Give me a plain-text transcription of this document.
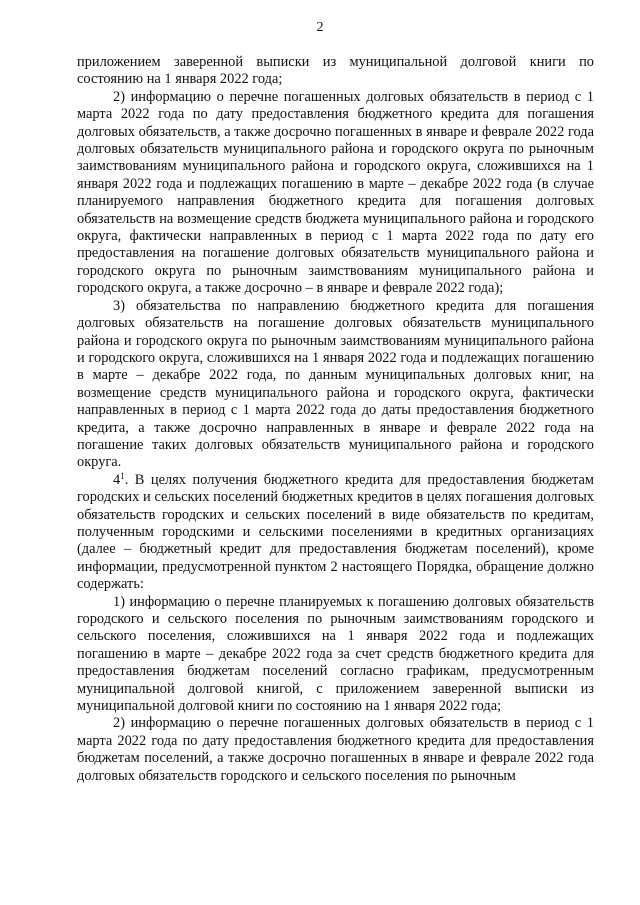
2

приложением заверенной выписки из муниципальной долговой книги по состоянию на 1 января 2022 года;

2) информацию о перечне погашенных долговых обязательств в период с 1 марта 2022 года по дату предоставления бюджетного кредита для погашения долговых обязательств, а также досрочно погашенных в январе и феврале 2022 года долговых обязательств муниципального района и городского округа по рыночным заимствованиям муниципального района и городского округа, сложившихся на 1 января 2022 года и подлежащих погашению в марте – декабре 2022 года (в случае планируемого направления бюджетного кредита для погашения долговых обязательств на возмещение средств бюджета муниципального района и городского округа, фактически направленных в период с 1 марта 2022 года по дату его предоставления на погашение долговых обязательств муниципального района и городского округа по рыночным заимствованиям муниципального района и городского округа, а также досрочно – в январе и феврале 2022 года);

3) обязательства по направлению бюджетного кредита для погашения долговых обязательств на погашение долговых обязательств муниципального района и городского округа по рыночным заимствованиям муниципального района и городского округа, сложившихся на 1 января 2022 года и подлежащих погашению в марте – декабре 2022 года, по данным муниципальных долговых книг, на возмещение средств муниципального района и городского округа, фактически направленных в период с 1 марта 2022 года до даты предоставления бюджетного кредита, а также досрочно направленных в январе и феврале 2022 года на погашение таких долговых обязательств муниципального района и городского округа.

$4^1$. В целях получения бюджетного кредита для предоставления бюджетам городских и сельских поселений бюджетных кредитов в целях погашения долговых обязательств городских и сельских поселений в виде обязательств по кредитам, полученным городскими и сельскими поселениями в кредитных организациях (далее – бюджетный кредит для предоставления бюджетам поселений), кроме информации, предусмотренной пунктом 2 настоящего Порядка, обращение должно содержать:

1) информацию о перечне планируемых к погашению долговых обязательств городского и сельского поселения по рыночным заимствованиям городского и сельского поселения, сложившихся на 1 января 2022 года и подлежащих погашению в марте – декабре 2022 года за счет средств бюджетного кредита для предоставления бюджетам поселений согласно графикам, предусмотренным муниципальной долговой книгой, с приложением заверенной выписки из муниципальной долговой книги по состоянию на 1 января 2022 года;

2) информацию о перечне погашенных долговых обязательств в период с 1 марта 2022 года по дату предоставления бюджетного кредита для предоставления бюджетам поселений, а также досрочно погашенных в январе и феврале 2022 года долговых обязательств городского и сельского поселения по рыночным
